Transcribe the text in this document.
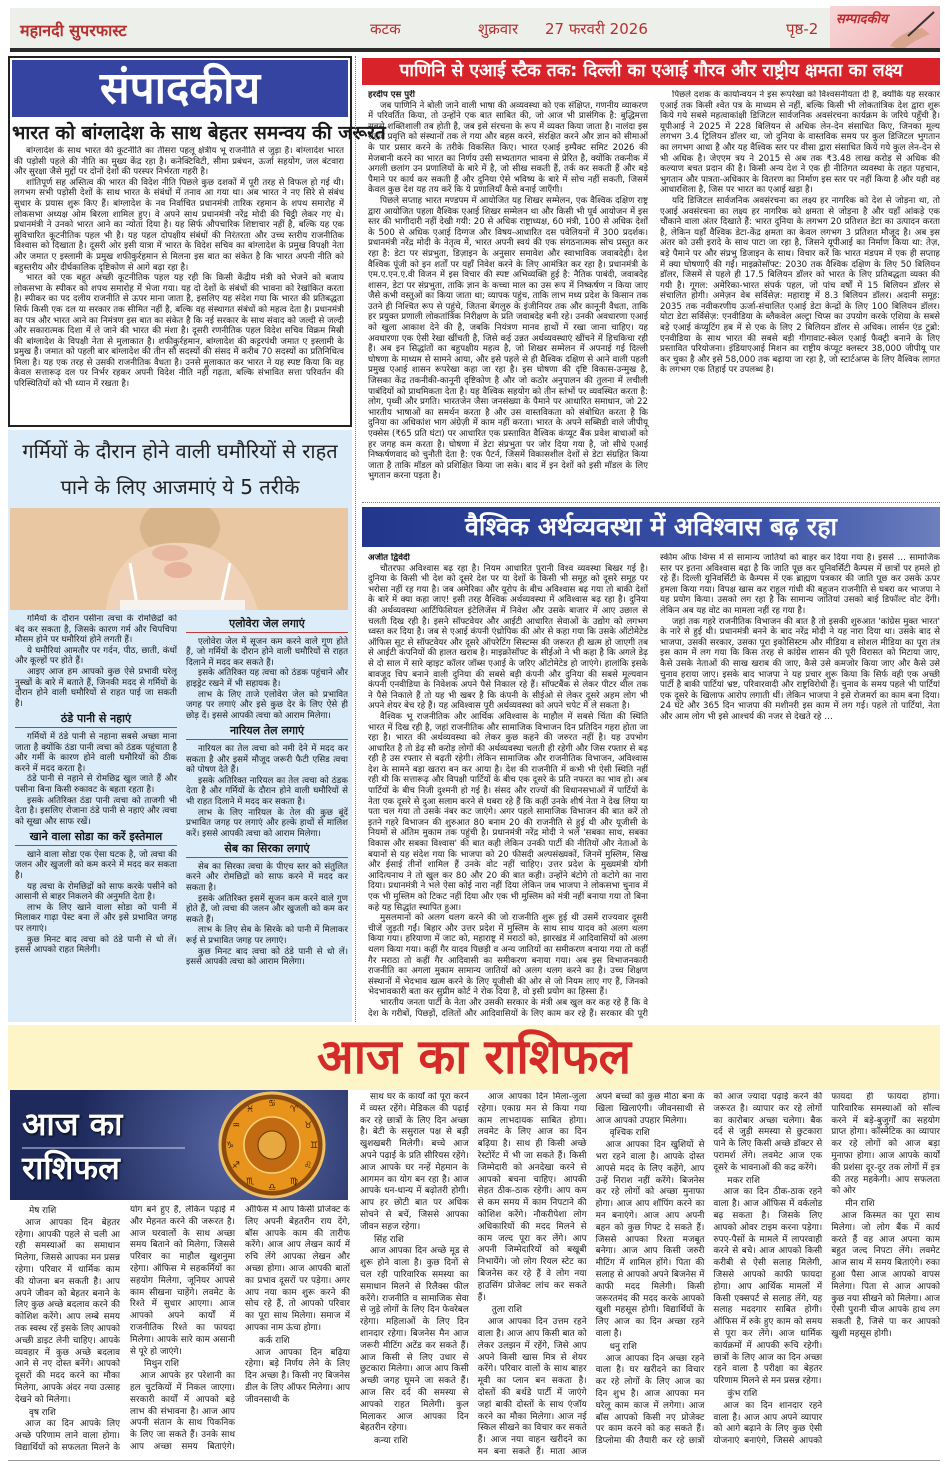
महानदी सुपरफास्ट	कटक	शुक्रवार 27 फरवरी 2026	पृष्ठ-2
सम्पादकीय
संपादकीय
भारत को बांग्लादेश के साथ बेहतर समन्वय की जरूरत

बांग्लादेश के साथ भारत की कूटनीति का तीसरा पहलू क्षेत्रीय भू राजनीति से जुड़ा है। बांग्लादेश भारत की पड़ोसी पहले की नीति का मुख्य केंद्र रहा है। कनेक्टिविटी, सीमा प्रबंधन, ऊर्जा सहयोग, जल बंटवारा और सुरक्षा जैसे मुद्दों पर दोनों देशों की परस्पर निर्भरता गहरी है।

शांतिपूर्ण सह अस्तित्व की भारत की विदेश नीति पिछले कुछ दशकों में पूरी तरह से विफल हो गई थी। लगभग सभी पड़ोसी देशों के साथ भारत के संबंधों में तनाव आ गया था। अब भारत ने नए सिरे से संबंध सुधार के प्रयास शुरू किए हैं। बांग्लादेश के नव निर्वाचित प्रधानमंत्री तारिक रहमान के शपथ समारोह में लोकसभा अध्यक्ष ओम बिरला शामिल हुए। वे अपने साथ प्रधानमंत्री नरेंद्र मोदी की चिट्ठी लेकर गए थे। प्रधानमंत्री ने उनको भारत आने का न्योता दिया है। यह सिर्फ औपचारिक शिष्टाचार नहीं है, बल्कि यह एक सुविचारित कूटनीतिक पहल भी है। यह पहल दोपक्षीय संबंधों की निरंतरता और उच्च स्तरीय राजनीतिक विश्वास को दिखाता है। दूसरी ओर इसी यात्रा में भारत के विदेश सचिव का बांग्लादेश के प्रमुख विपक्षी नेता और जमात ए इस्लामी के प्रमुख शफीकुर्रहमान से मिलना इस बात का संकेत है कि भारत अपनी नीति को बहुस्तरीय और दीर्घकालिक दृष्टिकोण से आगे बढ़ा रहा है।

भारत को एक बहुत अच्छी कूटनीतिक पहल यह रही कि किसी केंद्रीय मंत्री को भेजने को बजाय लोकसभा के स्पीकर को शपथ समारोह में भेजा गया। यह दो देशों के संबंधों की भावना को रेखांकित करता है। स्पीकर का पद दलीय राजनीति से ऊपर माना जाता है, इसलिए यह संदेश गया कि भारत की प्रतिबद्धता सिर्फ किसी एक दल या सरकार तक सीमित नहीं है, बल्कि वह संस्थागत संबंधों को महत्व देता है। प्रधानमंत्री का पत्र और भारत आने का निमंत्रण इस बात का संकेत है कि नई सरकार के साथ संवाद को जल्दी से जल्दी और सकारात्मक दिशा में ले जाने की भारत की मंशा है। दूसरी रणनीतिक पहल विदेश सचिव विक्रम मिस्री की बांग्लादेश के विपक्षी नेता से मुलाकात है। शफीकुर्रहमान, बांग्लादेश की कट्टरपंथी जमात ए इस्लामी के प्रमुख हैं। जमात को पहली बार बांग्लादेश की तीन सौ सदस्यों की संसद में करीब 70 सदस्यों का प्रतिनिधित्व मिला है। यह एक तरह से उसकी राजनीतिक वैधता है। उनसे मुलाकात कर भारत ने यह स्पष्ट किया कि वह केवल सत्तारूढ़ दल पर निर्भर रहकर अपनी विदेश नीति नहीं गढ़ता, बल्कि संभावित सत्ता परिवर्तन की परिस्थितियों को भी ध्यान में रखता है।

गर्मियों के दौरान होने वाली घमौरियों से राहत
पाने के लिए आजमाएं ये 5 तरीके

गर्मियों के दौरान पसीना त्वचा के रोमछिद्रों को बंद कर सकता है, जिसके कारण गर्म और चिपचिपा मौसम होने पर घमौरियां होने लगती हैं।

ये घमौरियां आमतौर पर गर्दन, पीठ, छाती, कंधों और कूल्हों पर होते हैं।

आइए आज हम आपको कुछ ऐसे प्रभावी घरेलू नुस्खों के बारे में बताते हैं, जिनकी मदद से गर्मियों के दौरान होने वाली घमौरियों से राहत पाई जा सकती है।

ठंडे पानी से नहाएं

गर्मियों में ठंडे पानी से नहाना सबसे अच्छा माना जाता है क्योंकि ठंडा पानी त्वचा को ठंडक पहुंचाता है और गर्मी के कारण होने वाली घमौरियों को ठीक करने में मदद करता है।

ठंडे पानी से नहाने से रोमछिद्र खुल जाते हैं और पसीना बिना किसी रुकावट के बहता रहता है।

इसके अतिरिक्त ठंडा पानी त्वचा को ताजगी भी देता है। इसलिए रोजाना ठंडे पानी से नहाएं और त्वचा को सूखा और साफ रखें।

खाने वाला सोडा का करें इस्तेमाल

खाने वाला सोडा एक ऐसा घटक है, जो त्वचा की जलन और खुजली को कम करने में मदद कर सकता है।

यह त्वचा के रोमछिद्रों को साफ करके पसीने को आसानी से बाहर निकलने की अनुमति देता है।

लाभ के लिए खाने वाला सोडा को पानी में मिलाकर गाढ़ा पेस्ट बना लें और इसे प्रभावित जगह पर लगाएं।

कुछ मिनट बाद त्वचा को ठंडे पानी से धो लें। इससे आपको राहत मिलेगी।

एलोवेरा जेल लगाएं

एलोवेरा जेल में सूजन कम करने वाले गुण होते हैं, जो गर्मियों के दौरान होने वाली घमौरियों से राहत दिलाने में मदद कर सकते हैं।

इसके अतिरिक्त यह त्वचा को ठंडक पहुंचाने और हाइड्रेट रखने में भी सहायक है।

लाभ के लिए ताजे एलोवेरा जेल को प्रभावित जगह पर लगाएं और इसे कुछ देर के लिए ऐसे ही छोड़ दें। इससे आपकी त्वचा को आराम मिलेगा।

नारियल तेल लगाएं

नारियल का तेल त्वचा को नमी देने में मदद कर सकता है और इसमें मौजूद जरूरी फैटी एसिड त्वचा को पोषण देते हैं।

इसके अतिरिक्त नारियल का तेल त्वचा को ठंडक देता है और गर्मियों के दौरान होने वाली घमौरियों से भी राहत दिलाने में मदद कर सकता है।

लाभ के लिए नारियल के तेल की कुछ बूंदें प्रभावित जगह पर लगाएं और हल्के हाथों से मालिश करें। इससे आपकी त्वचा को आराम मिलेगा।

सेब का सिरका लगाएं

सेब का सिरका त्वचा के पीएच स्तर को संतुलित करने और रोमछिद्रों को साफ करने में मदद कर सकता है।

इसके अतिरिक्त इसमें सूजन कम करने वाले गुण होते हैं, जो त्वचा की जलन और खुजली को कम कर सकते हैं।

लाभ के लिए सेब के सिरके को पानी में मिलाकर रूई से प्रभावित जगह पर लगाएं।

कुछ मिनट बाद त्वचा को ठंडे पानी से धो लें। इससे आपकी त्वचा को आराम मिलेगा।

पाणिनि से एआई स्टैक तक: दिल्ली का एआई गौरव और राष्ट्रीय क्षमता का लक्ष्य

हरदीप एस पुरी

जब पाणिनि ने बोली जाने वाली भाषा की अव्यवस्था को एक संक्षिप्त, गणनीय व्याकरण में परिवर्तित किया, तो उन्होंने एक बात साबित की, जो आज भी प्रासंगिक है: बुद्धिमत्ता सबसे शक्तिशाली तब होती है, जब इसे संरचना के रूप में व्यक्त किया जाता है। नालंदा इस सहज प्रवृत्ति को संस्थानों तक ले गया और बहस करने, संरक्षित करने और ज्ञान को सीमाओं के पार प्रसार करने के तरीके विकसित किए। भारत एआई इम्पैक्ट समिट 2026 की मेजबानी करने का भारत का निर्णय उसी सभ्यतागत भावना से प्रेरित है, क्योंकि तकनीक में अगली छलांग उन प्रणालियों के बारे में है, जो सीख सकती हैं, तर्क कर सकती हैं और बड़े पैमाने पर कार्य कर सकती हैं और दुनिया ऐसे भविष्य के बारे में सोच नहीं सकती, जिसमें केवल कुछ देश यह तय करें कि ये प्रणालियाँ कैसे बनाई जाएँगी।

पिछले सप्ताह भारत मण्डपम में आयोजित यह शिखर सम्मेलन, एक वैश्विक दक्षिण राष्ट्र द्वारा आयोजित पहला वैश्विक एआई शिखर सम्मेलन था और किसी भी पूर्व आयोजन में इस स्तर की भागीदारी नहीं देखी गयी: 20 से अधिक राष्ट्राध्यक्ष, 60 मंत्री, 100 से अधिक देशों के 500 से अधिक एआई दिग्गज और विषय-आधारित दस पवेलियनों में 300 प्रदर्शक। प्रधानमंत्री नरेंद्र मोदी के नेतृत्व में, भारत अपनी स्वयं की एक संगठनात्मक सोच प्रस्तुत कर रहा है: डेटा पर संप्रभुता, डिज़ाइन के अनुसार समावेश और स्वाभाविक जवाबदेही। देश वैश्विक पूंजी को इन शर्तों पर यहाँ निवेश करने के लिए आमंत्रित कर रहा है। प्रधानमंत्री के एम.ए.एन.ए.वी विजन में इस विचार की स्पष्ट अभिव्यक्ति हुई है: नैतिक पाबंदी, जवाबदेह शासन, डेटा पर संप्रभुता, ताकि ज्ञान के कच्चा माल का उस रूप में निष्कर्षण न किया जाए जैसे कभी वस्तुओं का किया जाता था; व्यापक पहुंच, ताकि लाभ मध्य प्रदेश के किसान तक उतने ही निश्चित रूप से पहुंचे, जितना बेंगलुरु के इंजीनियर तक और कानूनी वैधता, ताकि हर प्रयुक्त प्रणाली लोकतांत्रिक निरीक्षण के प्रति जवाबदेह बनी रहे। उनकी अवधारणा एआई को खुला आकाश देने की है, जबकि नियंत्रण मानव हाथों में रखा जाना चाहिए। यह अवधारणा एक ऐसी रेखा खींचती है, जिसे कई उन्नत अर्थव्यवस्थाएं खींचने में हिचकिचा रही हैं। अब इन सिद्धांतों का बहुपक्षीय महत्व है, जो शिखर सम्मेलन में अपनाई गई दिल्ली घोषणा के माध्यम से सामने आया, और इसे पहले से ही वैश्विक दक्षिण से आने वाली पहली प्रमुख एआई शासन रूपरेखा कहा जा रहा है। इस घोषणा की दृष्टि विकास-उन्मुख है, जिसका केंद्र तकनीकी-कानूनी दृष्टिकोण है और जो कठोर अनुपालन की तुलना में लचीली पाबंदियों को प्राथमिकता देता है। यह वैश्विक सहयोग को तीन स्तंभों पर व्यवस्थित करता है: लोग, पृथ्वी और प्रगति। भारतजेन जैसा जनसंख्या के पैमाने पर आधारित समाधान, जो 22 भारतीय भाषाओं का समर्थन करता है और उस वास्तविकता को संबोधित करता है कि दुनिया का अधिकांश भाग अंग्रेज़ी में काम नहीं करता। भारत के अपने सब्सिडी वाले जीपीयू एक्सेस (₹65 प्रति घंटा) पर आधारित एक प्रस्तावित वैश्विक कंप्यूट बैंक प्रवेश बाधाओं को हर जगह कम करता है। घोषणा में डेटा संप्रभुता पर जोर दिया गया है, जो सीधे एआई निष्कर्षणवाद को चुनौती देता है: एक पैटर्न, जिसमें विकासशील देशों से डेटा संग्रहित किया जाता है ताकि मॉडल को प्रशिक्षित किया जा सके। बाद में इन देशों को इसी मॉडल के लिए भुगतान करना पड़ता है।

पिछले दशक के कार्यान्वयन ने इस रूपरेखा को विश्वसनीयता दी है, क्योंकि यह सरकार एआई तक किसी श्वेत पत्र के माध्यम से नहीं, बल्कि किसी भी लोकतांत्रिक देश द्वारा शुरू किये गये सबसे महत्वाकांक्षी डिजिटल सार्वजनिक अवसंरचना कार्यक्रम के जरिये पहुँची है। यूपीआई ने 2025 में 228 बिलियन से अधिक लेन-देन संसाधित किए, जिनका मूल्य लगभग 3.4 ट्रिलियन डॉलर था, जो दुनिया के वास्तविक समय पर कुल डिजिटल भुगतान का लगभग आधा है और यह वैश्विक स्तर पर वीसा द्वारा संसाधित किये गये कुल लेन-देन से भी अधिक है। जेएएम त्रय ने 2015 से अब तक ₹3.48 लाख करोड़ से अधिक की कल्याण बचत प्रदान की है। किसी अन्य देश ने एक ही नीतिगत व्यवस्था के तहत पहचान, भुगतान और पात्रता-अधिकार के वितरण का निर्माण इस स्तर पर नहीं किया है और यही वह आधारशिला है, जिस पर भारत का एआई खड़ा है।

यदि डिजिटल सार्वजनिक अवसंरचना का लक्ष्य हर नागरिक को देश से जोड़ना था, तो एआई अवसंरचना का लक्ष्य हर नागरिक को क्षमता से जोड़ना है और यहाँ आंकड़े एक चौंकाने वाला अंतर दिखाते हैं: भारत दुनिया के लगभग 20 प्रतिशत डेटा का उत्पादन करता है, लेकिन यहाँ वैश्विक डेटा-केंद्र क्षमता का केवल लगभग 3 प्रतिशत मौजूद है। अब इस अंतर को उसी इरादे के साथ पाटा जा रहा है, जिसने यूपीआई का निर्माण किया था: तेज़, बड़े पैमाने पर और संप्रभु डिजाइन के साथ। विचार करें कि भारत मंडपम में एक ही सप्ताह में क्या घोषणाएँ की गईं। माइक्रोसॉफ्ट: 2030 तक वैश्विक दक्षिण के लिए 50 बिलियन डॉलर, जिसमें से पहले ही 17.5 बिलियन डॉलर को भारत के लिए प्रतिबद्धता व्यक्त की गयी है। गूगल: अमेरिका-भारत संपर्क पहल, जो पांच वर्षों में 15 बिलियन डॉलर से संचालित होगी। अमेज़न वेब सर्विसेज़: महाराष्ट्र में 8.3 बिलियन डॉलर। अदानी समूह: 2035 तक नवीकरणीय ऊर्जा-संचालित एआई डेटा केन्द्रों के लिए 100 बिलियन डॉलर। योटा डेटा सर्विसेज़: एनवीडिया के ब्लैकवेल अल्ट्रा चिप्स का उपयोग करके एशिया के सबसे बड़े एआई कंप्यूटिंग हब में से एक के लिए 2 बिलियन डॉलर से अधिक। लार्सन एंड टुब्रो: एनवीडिया के साथ भारत की सबसे बड़ी गीगावाट-स्केल एआई फैक्ट्री बनाने के लिए प्रस्तावित परियोजना। इंडियाएआई मिशन का राष्ट्रीय कंप्यूट क्लस्टर 38,000 जीपीयू पार कर चुका है और इसे 58,000 तक बढ़ाया जा रहा है, जो स्टार्टअप्स के लिए वैश्विक लागत के लगभग एक तिहाई पर उपलब्ध है।

वैश्विक अर्थव्यवस्था में अविश्वास बढ़ रहा

अजीत द्विवेदी

चौतरफा अविश्वास बढ़ रहा है। नियम आधारित पुरानी विश्व व्यवस्था बिखर गई है। दुनिया के किसी भी देश को दूसरे देश पर या देशों के किसी भी समूह को दूसरे समूह पर भरोसा नहीं रह गया है। जब अमेरिका और यूरोप के बीच अविश्वास बढ़ गया तो बाकी देशों के बारे में क्या कहा जाए! इसी तरह वैश्विक अर्थव्यवस्था में अविश्वास बढ़ रहा है। दुनिया की अर्थव्यवस्था आर्टिफिशियल इंटेलिजेंस में निवेश और उसके बाजार में आए उछाल से चलती दिख रही है। इसने सॉफ्टवेयर और आईटी आधारित सेवाओं के उद्योग को लगभग ध्वस्त कर दिया है। जब से एआई कंपनी एंथ्रोपिक की ओर से कहा गया कि उसके ऑटोमेटेड ऑफिस सूट से सॉफ्टवेयर और दूसरे ऑपरेटिंग सिस्टम्स की जरूरत ही खत्म हो जाएगी तब से आईटी कंपनियों की हालत खराब है। माइक्रोसॉफ्ट के सीईओ ने भी कहा है कि अगले डेढ़ से दो साल में सारे व्हाइट कॉलर जॉब्स एआई के जरिए ऑटोमेटेड हो जाएंगे। हालांकि इसके बावजूद चिप बनाने वाली दुनिया की सबसे बड़ी कंपनी और दुनिया की सबसे मूल्यवान कंपनी एनवीडिया के निवेशक अपने पैसे निकाल रहे हैं। सॉफ्टबैंक से लेकर पीटर थील तक ने पैसे निकाले हैं तो यह भी खबर है कि कंपनी के सीईओ से लेकर दूसरे अहम लोग भी अपने शेयर बेच रहे हैं। यह अविश्वास पूरी अर्थव्यवस्था को अपने चपेट में ले सकता है।

वैश्विक भू राजनीतिक और आर्थिक अविश्वास के माहौल में सबसे चिंता की स्थिति भारत में दिख रही है, जहां राजनीतिक और सामाजिक विभाजन दिन प्रतिदिन गहरा होता जा रहा है। भारत की अर्थव्यवस्था को लेकर कुछ कहने की जरुरत नहीं है। यह उपभोग आधारित है तो डेढ़ सौ करोड़ लोगों की अर्थव्यवस्था चलती ही रहेगी और जिस रफ्तार से बढ़ रही है उस रफ्तार से बढ़ती रहेगी। लेकिन सामाजिक और राजनीतिक विभाजन, अविश्वास देश के सामने बड़ा खतरा बन कर आया है। देश की राजनीति में कभी भी ऐसी स्थिति नहीं रही थी कि सत्तारूढ़ और विपक्षी पार्टियों के बीच एक दूसरे के प्रति नफरत का भाव हो। अब पार्टियों के बीच निजी दुश्मनी हो गई है। संसद और राज्यों की विधानसभाओं में पार्टियों के नेता एक दूसरे से दुआ सलाम करने से घबरा रहे हैं कि कहीं उनके शीर्ष नेता ने देख लिया या पता चल गया तो उसके नंबर कट जाएंगे। अगर पहले सामाजिक विभाजन की बात करें तो इतने गहरे विभाजन की शुरुआत 80 बनाम 20 की राजनीति से हुई थी और यूजीसी के नियमों से अंतिम मुकाम तक पहुंची है। प्रधानमंत्री नरेंद्र मोदी ने भले 'सबका साथ, सबका विकास और सबका विश्वास' की बात कही लेकिन उनकी पार्टी की नीतियों और नेताओं के बयानों से यह संदेश गया कि भाजपा को 20 फीसदी अल्पसंख्यकों, जिनमें मुस्लिम, सिख और ईसाई तीनों शामिल हैं उनके वोट नहीं चाहिए। उत्तर प्रदेश के मुख्यमंत्री योगी आदित्यनाथ ने तो खुल कर 80 और 20 की बात कही। उन्होंने बंटोगे तो कटोगे का नारा दिया। प्रधानमंत्री ने भले ऐसा कोई नारा नहीं दिया लेकिन जब भाजपा ने लोकसभा चुनाव में एक भी मुस्लिम को टिकट नहीं दिया और एक भी मुस्लिम को मंत्री नहीं बनाया गया तो बिना कहे यह सिद्धांत स्थापित हुआ।

मुसलमानों को अलग थलग करने की जो राजनीति शुरू हुई थी उसमें राज्यवार दूसरी चीजें जुड़ती गईं। बिहार और उत्तर प्रदेश में मुस्लिम के साथ साथ यादव को अलग थलग किया गया। हरियाणा में जाट को, महाराष्ट्र में मराठों को, झारखंड में आदिवासियों को अलग थलग किया गया। कहीं गैर यादव पिछड़ी व अन्य जातियों का समीकरण बनाया गया तो कहीं गैर मराठा तो कहीं गैर आदिवासी का समीकरण बनाया गया। अब इस विभाजनकारी राजनीति का अगला मुकाम सामान्य जातियों को अलग थलग करने का है। उच्च शिक्षण संस्थानों में भेदभाव खत्म करने के लिए यूजीसी की ओर से जो नियम लाए गए हैं, जिनको भेदभावकारी बता कर सुप्रीम कोर्ट ने रोक दिया है, वो इसी प्रयोग का हिस्सा हैं।

भारतीय जनता पार्टी के नेता और उसकी सरकार के मंत्री अब खुल कर कह रहे हैं कि वे देश के गरीबों, पिछड़ों, दलितों और आदिवासियों के लिए काम कर रहे हैं। सरकार की पूरी स्कीम ऑफ थिंग्स में से सामान्य जातियों को बाहर कर दिया गया है। इससे … सामाजिक स्तर पर इतना अविश्वास बढ़ा है कि जाति पूछ कर यूनिवर्सिटी कैम्पस में छात्रों पर हमले हो रहे हैं। दिल्ली यूनिवर्सिटी के कैम्पस में एक ब्राह्मण पत्रकार की जाति पूछ कर उसके ऊपर हमला किया गया। विपक्ष खास कर राहुल गांधी की बहुजन राजनीति से घबरा कर भाजपा ने यह प्रयोग किया। उसको लग रहा है कि सामान्य जातियां उसको बाई डिफॉल्ट वोट देंगी। लेकिन अब यह वोट का मामला नहीं रह गया है।

जहां तक गहरे राजनीतिक विभाजन की बात है तो इसकी शुरुआत 'कांग्रेस मुक्त भारत' के नारे से हुई थी। प्रधानमंत्री बनने के बाद नरेंद्र मोदी ने यह नारा दिया था। उसके बाद से भाजपा, उसकी सरकार, उसका पूरा इकोसिस्टम और मीडिया व सोशल मीडिया का पूरा तंत्र इस काम में लग गया कि किस तरह से कांग्रेस शासन की पूरी विरासत को मिटाया जाए, कैसे उसके नेताओं की साख खराब की जाए, कैसे उसे कमजोर किया जाए और कैसे उसे चुनाव हराया जाए। इसके बाद भाजपा ने यह प्रचार शुरू किया कि सिर्फ वही एक अच्छी पार्टी है बाकी पार्टियां भ्रष्ट, परिवारवादी और राष्ट्रविरोधी हैं। चुनाव के समय पहले भी पार्टियां एक दूसरे के खिलाफ आरोप लगाती थीं। लेकिन भाजपा ने इसे रोजमर्रा का काम बना दिया। 24 घंटे और 365 दिन भाजपा की मशीनरी इस काम में लग गई। पहले तो पार्टियां, नेता और आम लोग भी इसे आश्चर्य की नजर से देखते रहे …

आज का राशिफल
आज का
राशिफल
♋
♈
♉
♊
♌
♍
♎
♏
♐
♑
♒
♓

मेष राशि

आज आपका दिन बेहतर रहेगा। आपकी पहले से चली आ रही समस्याओं का समाधान मिलेगा, जिससे आपका मन प्रसन्न रहेगा। परिवार में धार्मिक काम की योजना बन सकती है। आप अपने जीवन को बेहतर बनाने के लिए कुछ अच्छे बदलाव करने की कोशिश करेंगे। आप लम्बे समय तक स्वस्थ रहें इसके लिए आपको अच्छी डाइट लेनी चाहिए। आपके व्यवहार में कुछ अच्छे बदलाव आने से नए दोस्त बनेंगे। आपको दूसरों की मदद करने का मौका मिलेगा, आपके अंदर नया उत्साह देखने को मिलेगा।

वृष राशि

आज का दिन आपके लिए अच्छे परिणाम लाने वाला होगा। विद्यार्थियों को सफलता मिलने के योग बने हुए हैं, लेकिन पढ़ाई में और मेहनत करने की जरूरत है। आज घरवालों के साथ अच्छा समय बिताने को मिलेगा, जिससे परिवार का माहौल खुशनुमा रहेगा। ऑफिस मे सहकर्मियों का सहयोग मिलेगा, जूनियर आपसे काम सीखना चाहेंगे। लवमेट के रिश्ते में सुधार आएगा। आज आपको अपने कार्यों में राजनीतिक रिश्ते का फायदा मिलेगा। आपके सारे काम असानी से पूरे हो जाएंगे।

मिथुन राशि

आज आपके हर परेशानी का हल चुटकियों में निकल जाएगा। सरकारी कार्यों में आपको बड़े लाभ की संभावना है। आज आप अपनी संतान के साथ पिकनिक के लिए जा सकते हैं। उनके साथ आप अच्छा समय बिताएंगे। ऑफिस में आप किसी प्रोजेक्ट के लिए अपनी बेहतरीन राय देंगे, बॉस आपके काम की तारीफ करेंगे। आज आप लेखन कार्य में रुचि लेंगे आपका लेखन और अच्छा होगा। आज आपकी बातों का प्रभाव दूसरों पर पड़ेगा। अगर आप नया काम शुरू करने की सोच रहे हैं, तो आपको परिवार का पूरा साथ मिलेगा। समाज में आपका नाम ऊंचा होगा।

कर्क राशि

आज आपका दिन बढ़िया रहेगा। बड़े निर्णय लेने के लिए दिन अच्छा है। किसी नए बिजनेस डील के लिए ऑफर मिलेगा। आप जीवनसाथी के

साथ घर के कार्यों को पूरा करने में व्यस्त रहेंगे। मेडिकल की पढ़ाई कर रहे छात्रों के लिए दिन अच्छा है। बेटी के ससुराल पक्ष से बड़ी खुशखबरी मिलेगी। बच्चे आज अपने पढ़ाई के प्रति सीरियस रहेंगे। आज आपके घर नन्हें मेहमान के आगमन का योग बन रहा है। आज आपके धन-धान्य में बढ़ोतरी होगी। आप हर छोटी बात पर अधिक सोचने से बचें, जिससे आपका जीवन सहज रहेगा।

सिंह राशि

आज आपका दिन अच्छे मूड से शुरू होने वाला है। कुछ दिनों से चल रही पारिवारिक समस्या का समाधान मिलने से रिलैक्स फील करेंगे। राजनीति व सामाजिक सेवा से जुड़े लोगों के लिए दिन फेवरेबल रहेगा। महिलाओं के लिए दिन शानदार रहेगा। बिजनेस मैन आज जरूरी मीटिंग अटेंड कर सकते हैं। आज किसी से लिए उधार से छुटकारा मिलेगा। आज आप किसी अच्छी जगह घूमने जा सकते हैं। आज सिर दर्द की समस्या से आपको राहत मिलेगी। कुल मिलाकर आज आपका दिन बेहतरीन रहेगा।

कन्या राशि

आज आपका दिन मिला-जुला रहेगा। एकाग्र मन से किया गया काम लाभदायक साबित होगा। लवमेट के लिए आज का दिन बढ़िया है। साथ ही किसी अच्छे रेस्टोरेंट में भी जा सकते हैं। किसी जिम्मेदारी को अनदेखा करने से आपको बचना चाहिए। आपकी सेहत ठीक-ठाक रहेगी। आप कम से कम समय में काम निपटाने की कोशिश करेंगे। नौकरीपेशा लोग अधिकारियों की मदद मिलने से काम जल्द पूरा कर लेंगे। आप अपनी जिम्मेदारियों को बखूबी निभायेंगे। जो लोग रियल स्टेट का बिजनेस कर रहे हैं वे लोग नया हाउसिंग प्रोजेक्ट लांच कर सकते हैं।

तुला राशि

आज आपका दिन उत्तम रहने वाला है। आज आप किसी बात को लेकर उलझन में रहेंगे, जिसे आप अपने किसी खास मित्र से शेयर करेंगे। परिवार वालों के साथ बाहर मूवी का प्लान बन सकता है। दोस्तों की बर्थडे पार्टी में जाएंगे जहां बाकी दोस्तों के साथ एंजॉय करने का मौका मिलेगा। आज नई स्किल सीखने का विचार कर सकते हैं। आज नया वाहन खरीदने का मन बना सकते हैं। माता आज अपने बच्चों को कुछ मीठा बना के खिला खिलाएंगी। जीवनसाथी से आज आपको उपहार मिलेगा।

वृश्चिक राशि

आज आपका दिन खुशियों से भरा रहने वाला है। आपके दोस्त आपसे मदद के लिए कहेंगे, आप उन्हें निराश नहीं करेंगे। बिजनेस कर रहे लोगों को अच्छा मुनाफा होगा। आज आप शॉपिंग करने का मन बनाएंगे। आज आप अपनी बहन को कुछ गिफ्ट दे सकते हैं। जिससे आपका रिश्ता मजबूत बनेगा। आज आप किसी जरुरी मीटिंग में शामिल होंगे। पिता की सलाह से आपको अपने बिजनेस में काफी मदद मिलेगी। किसी जरूरतमंद की मदद करके आपको खुशी महसूस होगी। विद्यार्थियों के लिए आज का दिन अच्छा रहने वाला है।

धनु राशि

आज आपका दिन अच्छा रहने वाला है। घर खरीदने का विचार कर रहे लोगों के लिए आज का दिन शुभ है। आज आपका मन घरेलू काम काज में लगेगा। आज बॉस आपको किसी नए प्रोजेक्ट पर काम करने को कह सकते हैं। डिप्लोमा की तैयारी कर रहे छात्रों को आज ज्यादा पढ़ाई करने की जरूरत है। व्यापार कर रहे लोगों का कारोबार अच्छा चलेगा। बैक दर्द से जुड़ी समस्या से छुटकारा पाने के लिए किसी अच्छे डॉक्टर से परामर्श लेंगे। लवमेट आज एक दूसरे के भावनाओं की कद्र करेंगे।

मकर राशि

आज का दिन ठीक-ठाक रहने वाला है। आज ऑफिस में वर्कलोड बढ़ सकता है। जिसके लिए आपको ओवर टाइम करना पड़ेगा। रुपए-पैसों के मामले में लापरवाही करने से बचे। आज आपको किसी करीबी से ऐसी सलाह मिलेगी, जिससे आपको काफी फायदा होगा। आप आर्थिक मामलों में किसी एक्सपर्ट से सलाह लेंगे, यह सलाह मददगार साबित होगी। ऑफिस में रुके हुए काम को समय से पूरा कर लेंगे। आज धार्मिक कार्यक्रमों में आपकी रूचि रहेगी। छात्रों के लिए आज का दिन अच्छा रहने वाला है परीक्षा का बेहतर परिणाम मिलने से मन प्रसन्न रहेगा।

कुंभ राशि

आज का दिन शानदार रहने वाला है। आज आप अपने व्यापार को आगे बढ़ाने के लिए कुछ ऐसी योजनाएं बनाएंगे, जिससे आपको फायदा ही फायदा होगा। पारिवारिक समस्याओं को सॉल्व करने में बड़े-बुजुर्गों का सहयोग प्राप्त होगा। कॉस्मेटिक का व्यापार कर रहे लोगों को आज बड़ा मुनाफा होगा। आज आपके कार्यों की प्रशंसा दूर-दूर तक लोगों में इत्र की तरह महकेगी। आप सफलता को ओर

मीन राशि

आज किस्मत का पूरा साथ मिलेगा। जो लोग बैंक में कार्य करते हैं वह आज अपना काम बहुत जल्द निपटा लेंगे। लवमेट आज साथ में समय बिताएंगे। रुका हुआ पैसा आज आपको वापस मिलेगा। पिता से आज आपको कुछ नया सीखने को मिलेगा। आज ऐसी पुरानी चीज आपके हाथ लग सकती है, जिसे पा कर आपको खुशी महसूस होगी।
